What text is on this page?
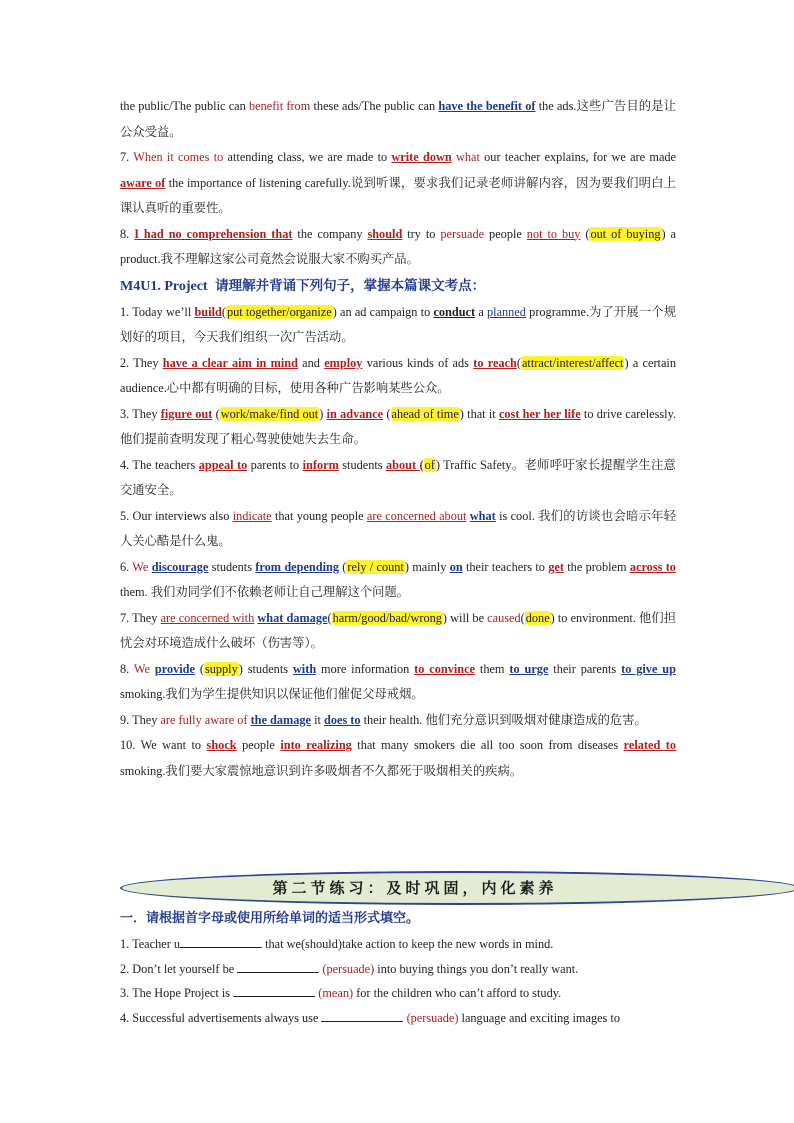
the public/The public can benefit from these ads/The public can have the benefit of the ads.这些广告目的是让公众受益。

7. When it comes to attending class, we are made to write down what our teacher explains, for we are made aware of the importance of listening carefully.说到听课，要求我们记录老师讲解内容，因为要我们明白上课认真听的重要性。

8. I had no comprehension that the company should try to persuade people not to buy (out of buying) a product.我不理解这家公司竟然会说服大家不购买产品。

M4U1. Project 请理解并背诵下列句子，掌握本篇课文考点：

1. Today we’ll build(put together/organize) an ad campaign to conduct a planned programme.为了开展一个规划好的项目，今天我们组织一次广告活动。

2. They have a clear aim in mind and employ various kinds of ads to reach(attract/interest/affect) a certain audience.心中都有明确的目标，使用各种广告影响某些公众。

3. They figure out (work/make/find out) in advance (ahead of time) that it cost her her life to drive carelessly.他们提前查明发现了粗心驾驶使她失去生命。

4. The teachers appeal to parents to inform students about (of) Traffic Safety。老师呼吁家长提醒学生注意交通安全。

5. Our interviews also indicate that young people are concerned about what is cool. 我们的访谈也会暗示年轻人关心酷是什么鬼。

6. We discourage students from depending (rely / count) mainly on their teachers to get the problem across to them. 我们劝同学们不依赖老师让自己理解这个问题。

7. They are concerned with what damage(harm/good/bad/wrong) will be caused(done) to environment. 他们担忧会对环境造成什么破坏（伤害等）。

8. We provide (supply) students with more information to convince them to urge their parents to give up smoking.我们为学生提供知识以保证他们催促父母戒烟。

9. They are fully aware of the damage it does to their health. 他们充分意识到吸烟对健康造成的危害。

10. We want to shock people into realizing that many smokers die all too soon from diseases related to smoking.我们要大家震惊地意识到许多吸烟者不久都死于吸烟相关的疾病。

第二节练习：及时巩固，内化素养

一．请根据首字母或使用所给单词的适当形式填空。

1. Teacher u	that we(should)take action to keep the new words in mind.

2. Don’t let yourself be	(persuade) into buying things you don’t really want.

3. The Hope Project is	(mean) for the children who can’t afford to study.

4. Successful advertisements always use	(persuade) language and exciting images to
